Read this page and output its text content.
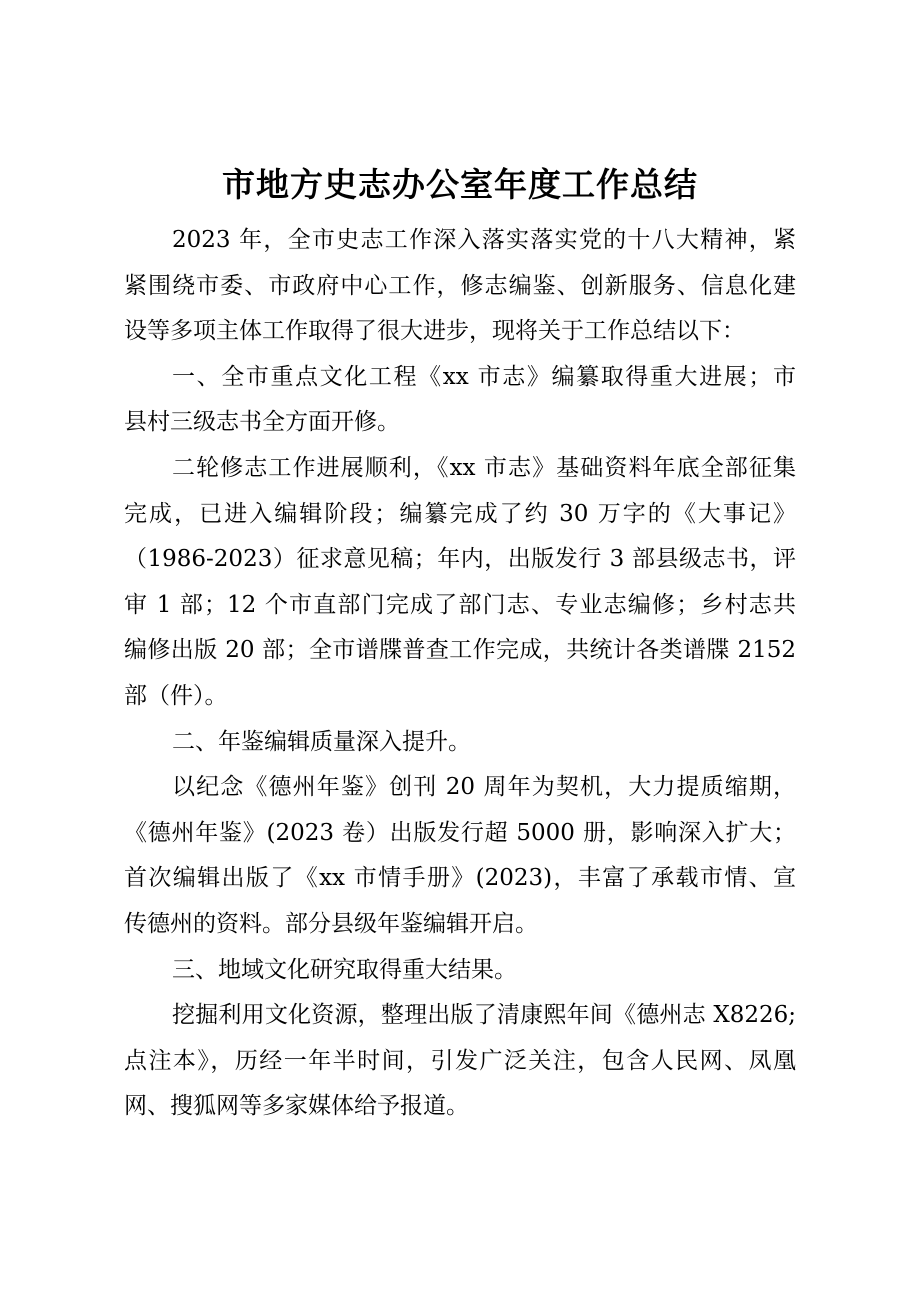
市地方史志办公室年度工作总结
2023 年，全市史志工作深入落实落实党的十八大精神，紧
紧围绕市委、市政府中心工作，修志编鉴、创新服务、信息化建
设等多项主体工作取得了很大进步，现将关于工作总结以下：
一、全市重点文化工程《xx 市志》编纂取得重大进展；市
县村三级志书全方面开修。
二轮修志工作进展顺利，《xx 市志》基础资料年底全部征集
完成，已进入编辑阶段；编纂完成了约 30 万字的《大事记》
（1986-2023）征求意见稿；年内，出版发行 3 部县级志书，评
审 1 部；12 个市直部门完成了部门志、专业志编修；乡村志共
编修出版 20 部；全市谱牒普查工作完成，共统计各类谱牒 2152
部（件）。
二、年鉴编辑质量深入提升。
以纪念《德州年鉴》创刊 20 周年为契机，大力提质缩期，
《德州年鉴》(2023 卷）出版发行超 5000 册，影响深入扩大；
首次编辑出版了《xx 市情手册》(2023)，丰富了承载市情、宣
传德州的资料。部分县级年鉴编辑开启。
三、地域文化研究取得重大结果。
挖掘利用文化资源，整理出版了清康熙年间《德州志 X8226;
点注本》，历经一年半时间，引发广泛关注，包含人民网、凤凰
网、搜狐网等多家媒体给予报道。
